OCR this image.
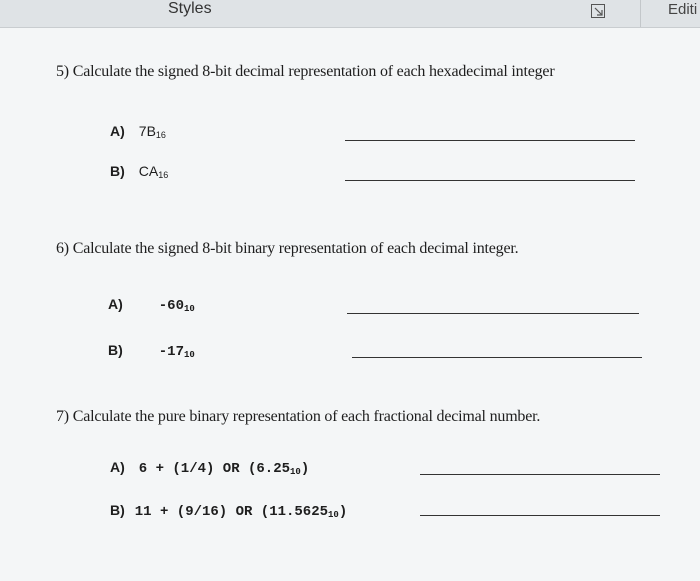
Styles	Editi
5) Calculate the signed 8-bit decimal representation of each hexadecimal integer
A) $7B_{16}$
B) $CA_{16}$
6) Calculate the signed 8-bit binary representation of each decimal integer.
A)	$-60_{10}$
B)	$-17_{10}$
7) Calculate the pure binary representation of each fractional decimal number.
A) 6 + (1/4) OR $(6.25_{10})$
B) 11 + (9/16) OR $(11.5625_{10})$
